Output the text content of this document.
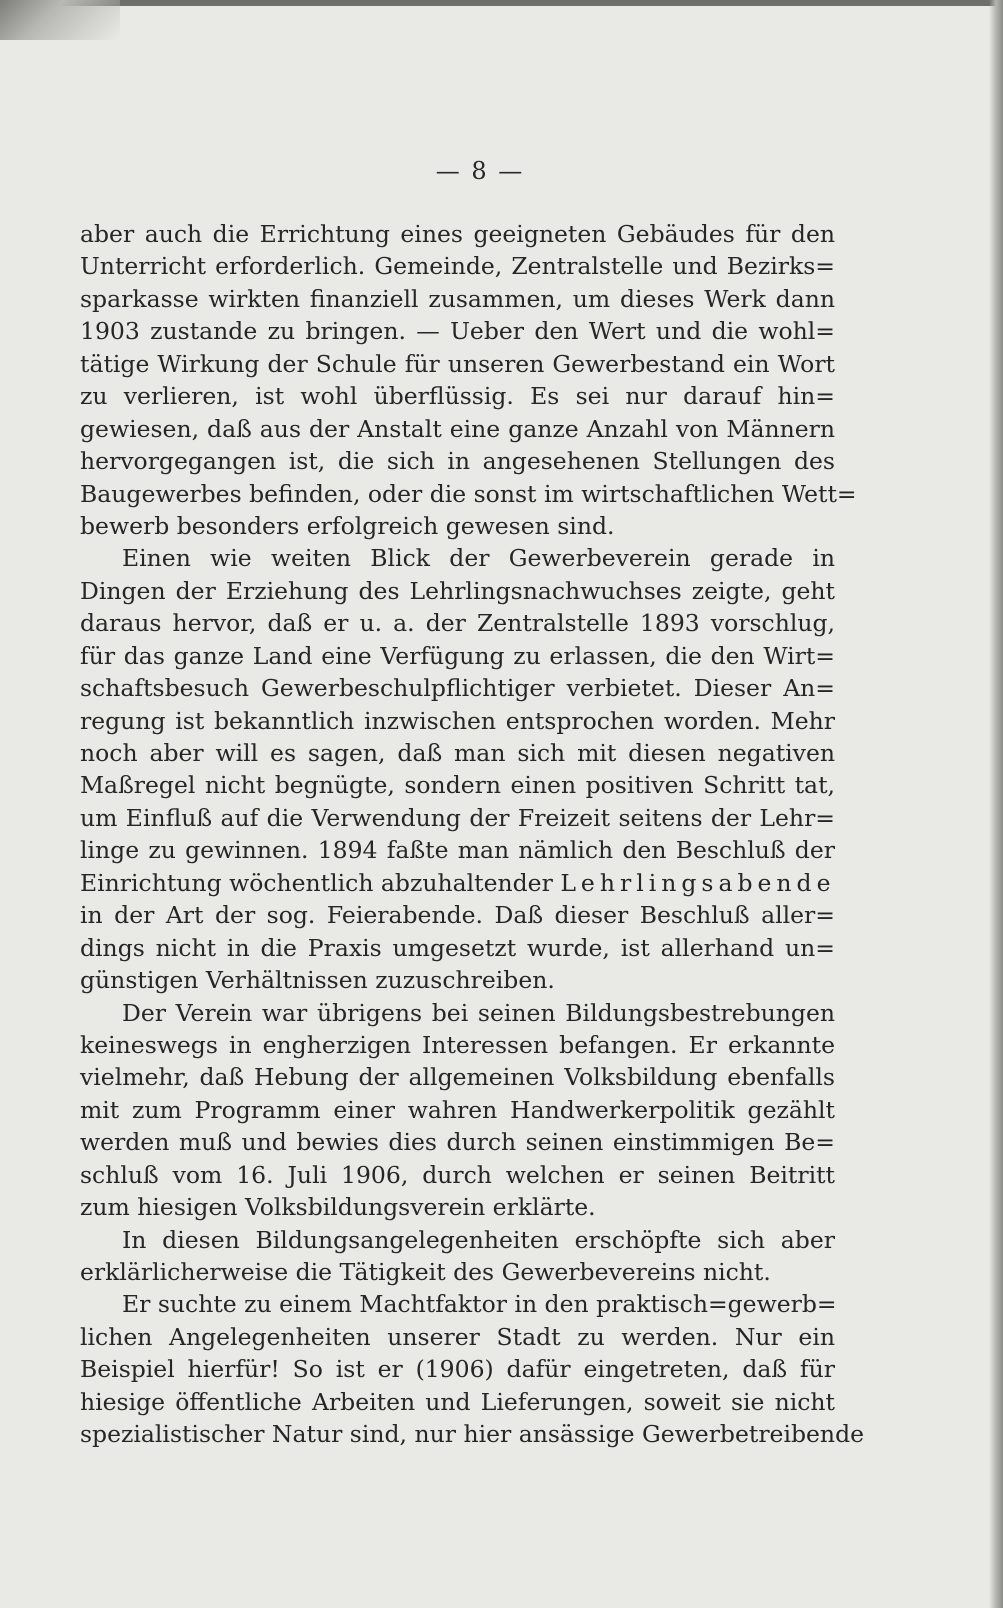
— 8 —
aber auch die Errichtung eines geeigneten Gebäudes für den
Unterricht erforderlich. Gemeinde, Zentralstelle und Bezirks=
sparkasse wirkten finanziell zusammen, um dieses Werk dann
1903 zustande zu bringen. — Ueber den Wert und die wohl=
tätige Wirkung der Schule für unseren Gewerbestand ein Wort
zu verlieren, ist wohl überflüssig. Es sei nur darauf hin=
gewiesen, daß aus der Anstalt eine ganze Anzahl von Männern
hervorgegangen ist, die sich in angesehenen Stellungen des
Baugewerbes befinden, oder die sonst im wirtschaftlichen Wett=
bewerb besonders erfolgreich gewesen sind.
Einen wie weiten Blick der Gewerbeverein gerade in
Dingen der Erziehung des Lehrlingsnachwuchses zeigte, geht
daraus hervor, daß er u. a. der Zentralstelle 1893 vorschlug,
für das ganze Land eine Verfügung zu erlassen, die den Wirt=
schaftsbesuch Gewerbeschulpflichtiger verbietet. Dieser An=
regung ist bekanntlich inzwischen entsprochen worden. Mehr
noch aber will es sagen, daß man sich mit diesen negativen
Maßregel nicht begnügte, sondern einen positiven Schritt tat,
um Einfluß auf die Verwendung der Freizeit seitens der Lehr=
linge zu gewinnen. 1894 faßte man nämlich den Beschluß der
Einrichtung wöchentlich abzuhaltender Lehrlingsabende
in der Art der sog. Feierabende. Daß dieser Beschluß aller=
dings nicht in die Praxis umgesetzt wurde, ist allerhand un=
günstigen Verhältnissen zuzuschreiben.
Der Verein war übrigens bei seinen Bildungsbestrebungen
keineswegs in engherzigen Interessen befangen. Er erkannte
vielmehr, daß Hebung der allgemeinen Volksbildung ebenfalls
mit zum Programm einer wahren Handwerkerpolitik gezählt
werden muß und bewies dies durch seinen einstimmigen Be=
schluß vom 16. Juli 1906, durch welchen er seinen Beitritt
zum hiesigen Volksbildungsverein erklärte.
In diesen Bildungsangelegenheiten erschöpfte sich aber
erklärlicherweise die Tätigkeit des Gewerbevereins nicht.
Er suchte zu einem Machtfaktor in den praktisch=gewerb=
lichen Angelegenheiten unserer Stadt zu werden. Nur ein
Beispiel hierfür! So ist er (1906) dafür eingetreten, daß für
hiesige öffentliche Arbeiten und Lieferungen, soweit sie nicht
spezialistischer Natur sind, nur hier ansässige Gewerbetreibende
